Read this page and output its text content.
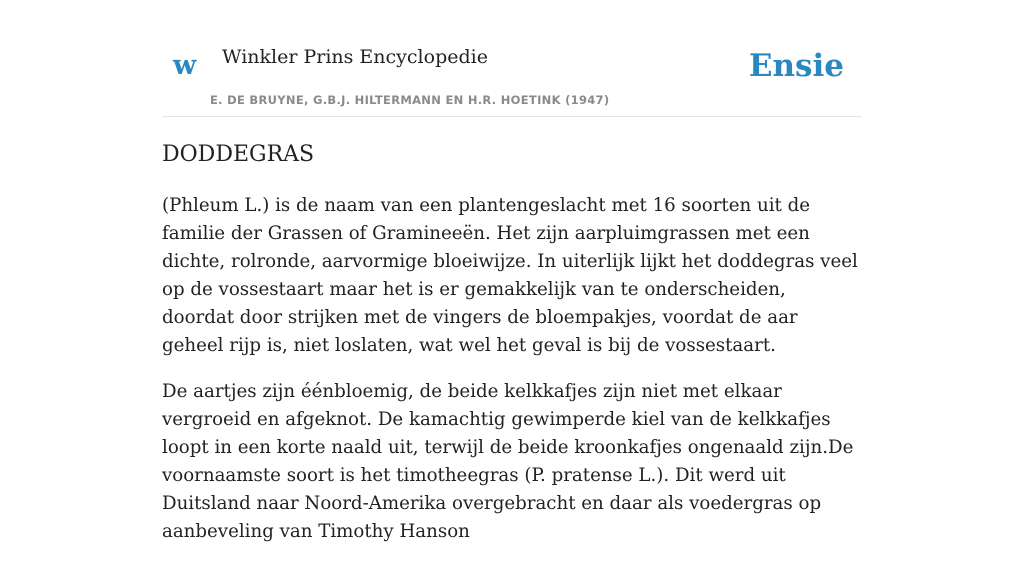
w Winkler Prins Encyclopedie
E. DE BRUYNE, G.B.J. HILTERMANN EN H.R. HOETINK (1947)
Ensie
DODDEGRAS

(Phleum L.) is de naam van een plantengeslacht met 16 soorten uit de familie der Grassen of Gramineeën. Het zijn aarpluimgrassen met een dichte, rolronde, aarvormige bloeiwijze. In uiterlijk lijkt het doddegras veel op de vossestaart maar het is er gemakkelijk van te onderscheiden, doordat door strijken met de vingers de bloempakjes, voordat de aar geheel rijp is, niet loslaten, wat wel het geval is bij de vossestaart.

De aartjes zijn éénbloemig, de beide kelkkafjes zijn niet met elkaar vergroeid en afgeknot. De kamachtig gewimperde kiel van de kelkkafjes loopt in een korte naald uit, terwijl de beide kroonkafjes ongenaald zijn.De voornaamste soort is het timotheegras (P. pratense L.). Dit werd uit Duitsland naar Noord-Amerika overgebracht en daar als voedergras op aanbeveling van Timothy Hanson
